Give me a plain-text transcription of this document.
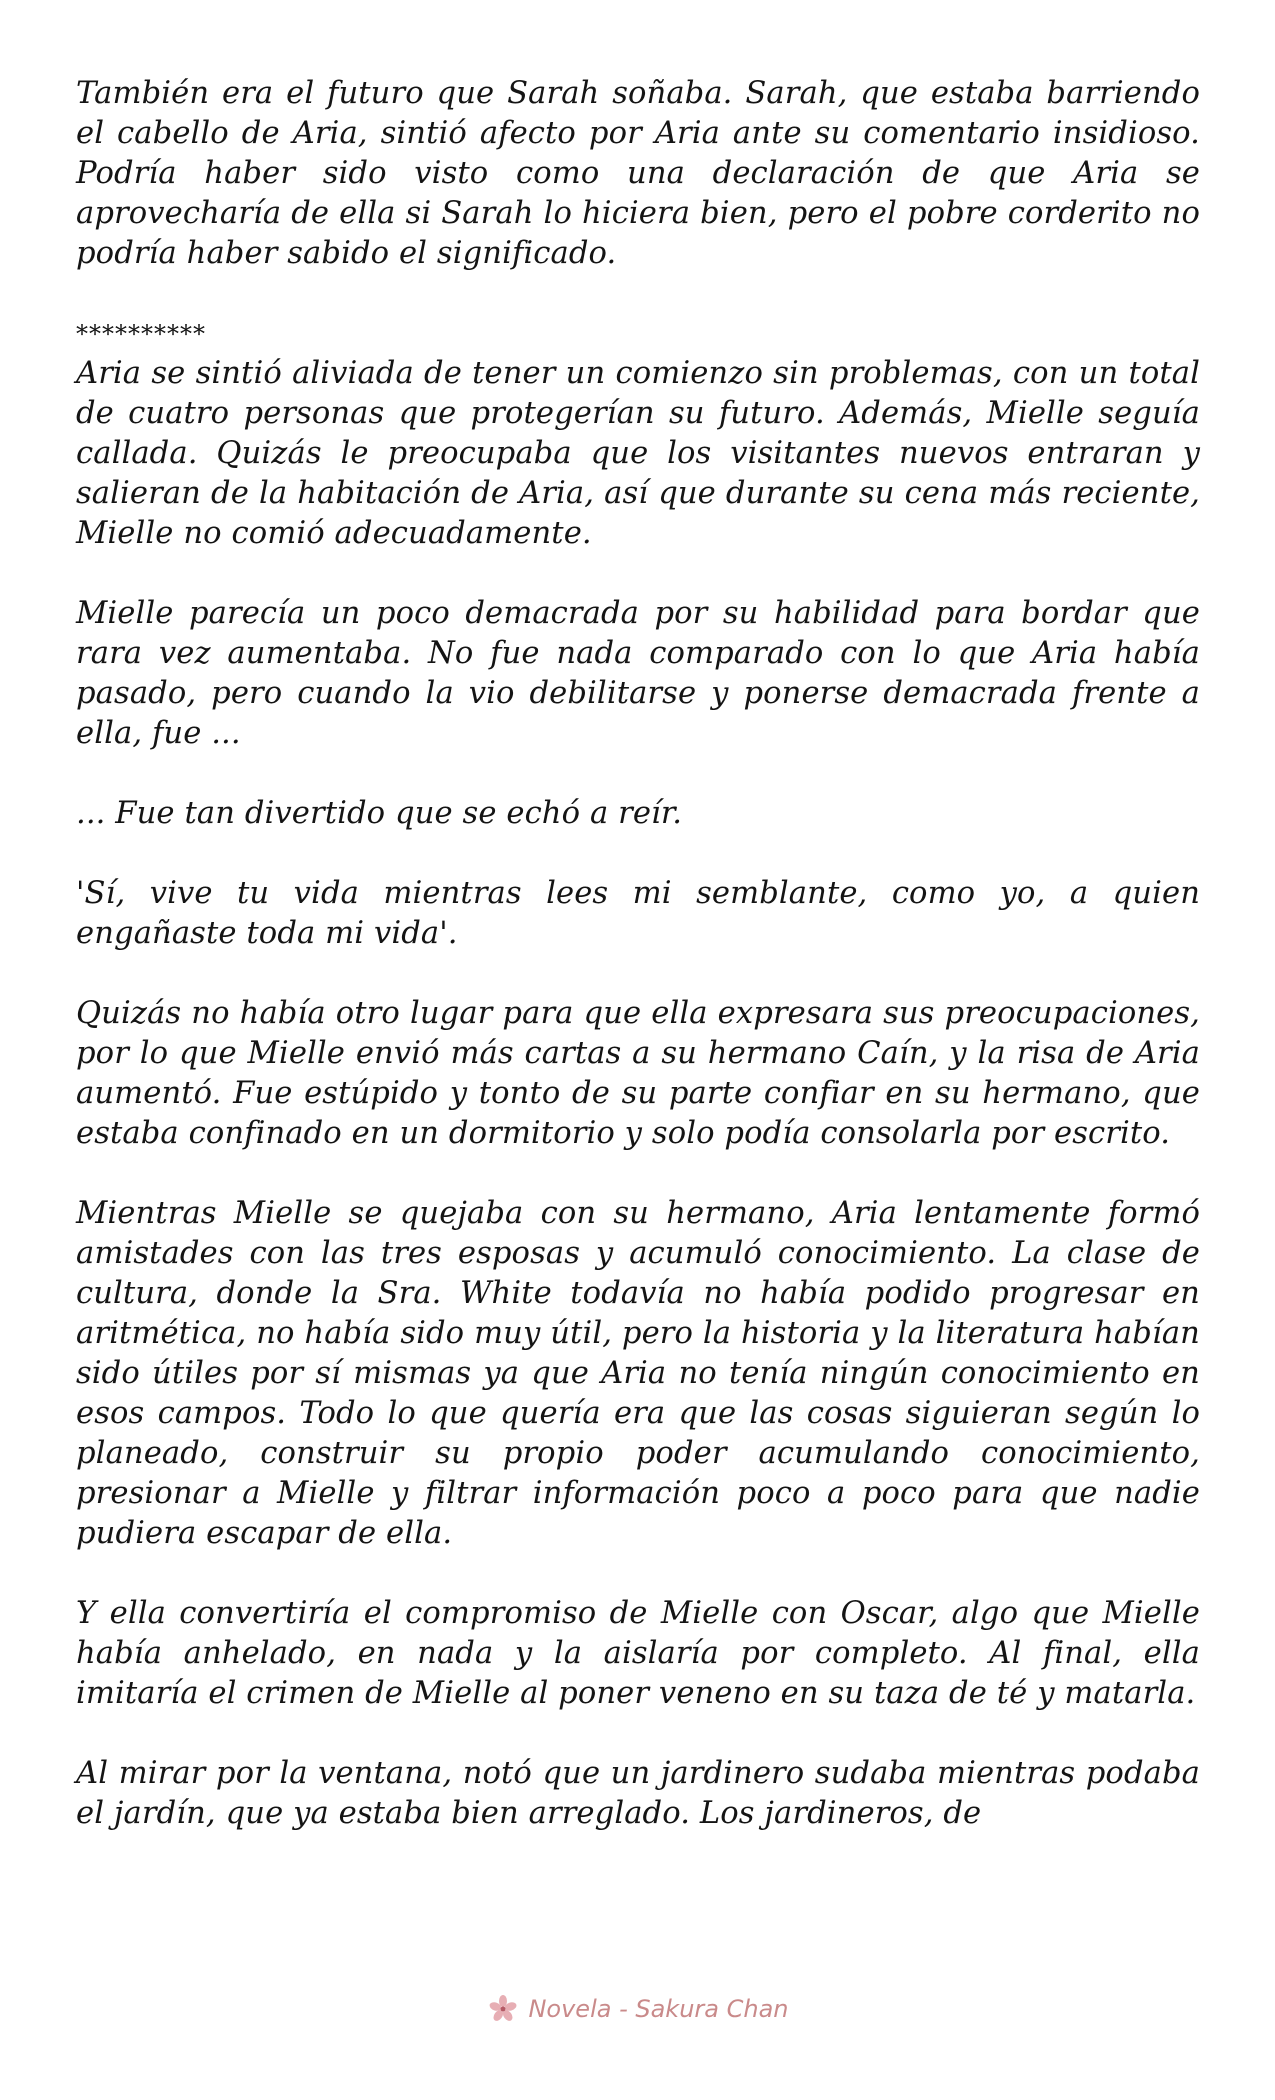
También era el futuro que Sarah soñaba. Sarah, que estaba barriendo el cabello de Aria, sintió afecto por Aria ante su comentario insidioso. Podría haber sido visto como una declaración de que Aria se aprovecharía de ella si Sarah lo hiciera bien, pero el pobre corderito no podría haber sabido el significado.

**********

Aria se sintió aliviada de tener un comienzo sin problemas, con un total de cuatro personas que protegerían su futuro. Además, Mielle seguía callada. Quizás le preocupaba que los visitantes nuevos entraran y salieran de la habitación de Aria, así que durante su cena más reciente, Mielle no comió adecuadamente.

Mielle parecía un poco demacrada por su habilidad para bordar que rara vez aumentaba. No fue nada comparado con lo que Aria había pasado, pero cuando la vio debilitarse y ponerse demacrada frente a ella, fue ...

... Fue tan divertido que se echó a reír.

'Sí, vive tu vida mientras lees mi semblante, como yo, a quien engañaste toda mi vida'.

Quizás no había otro lugar para que ella expresara sus preocupaciones, por lo que Mielle envió más cartas a su hermano Caín, y la risa de Aria aumentó. Fue estúpido y tonto de su parte confiar en su hermano, que estaba confinado en un dormitorio y solo podía consolarla por escrito.

Mientras Mielle se quejaba con su hermano, Aria lentamente formó amistades con las tres esposas y acumuló conocimiento. La clase de cultura, donde la Sra. White todavía no había podido progresar en aritmética, no había sido muy útil, pero la historia y la literatura habían sido útiles por sí mismas ya que Aria no tenía ningún conocimiento en esos campos. Todo lo que quería era que las cosas siguieran según lo planeado, construir su propio poder acumulando conocimiento, presionar a Mielle y filtrar información poco a poco para que nadie pudiera escapar de ella.

Y ella convertiría el compromiso de Mielle con Oscar, algo que Mielle había anhelado, en nada y la aislaría por completo. Al final, ella imitaría el crimen de Mielle al poner veneno en su taza de té y matarla.

Al mirar por la ventana, notó que un jardinero sudaba mientras podaba el jardín, que ya estaba bien arreglado. Los jardineros, de

Novela - Sakura Chan
